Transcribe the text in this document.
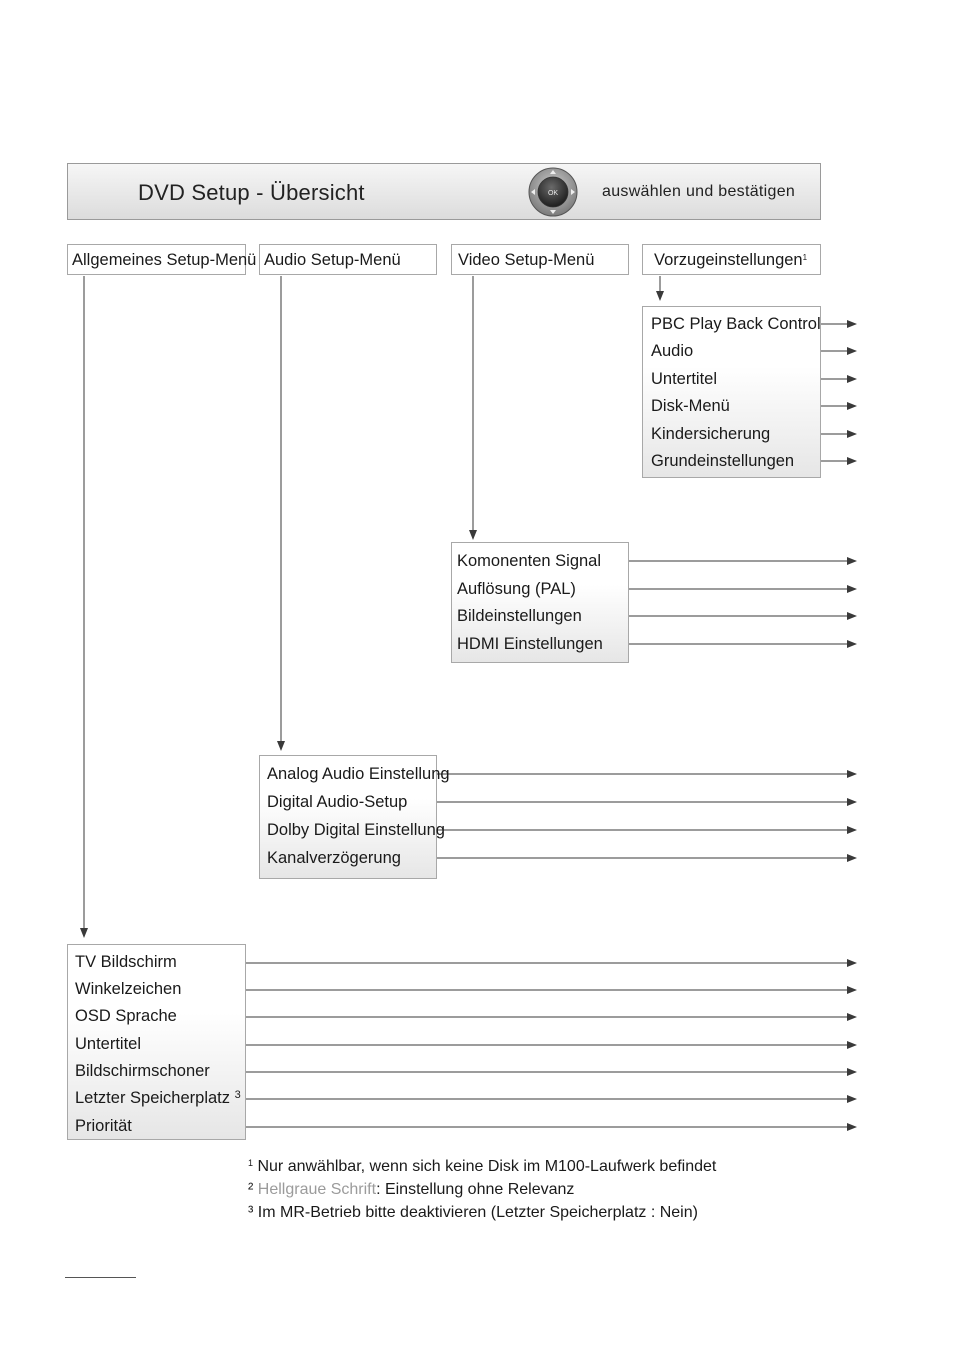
DVD Setup - Übersicht	OK	auswählen und bestätigen
Allgemeines Setup-Menü Audio Setup-Menü	Video Setup-Menü	Vorzugeinstellungen$^1$
PBC Play Back Control
Audio
Untertitel
Disk-Menü
Kindersicherung
Grundeinstellungen
Komonenten Signal
Auflösung (PAL)
Bildeinstellungen
HDMI Einstellungen
Analog Audio Einstellung
Digital Audio-Setup
Dolby Digital Einstellung
Kanalverzögerung
TV Bildschirm
Winkelzeichen
OSD Sprache
Untertitel
Bildschirmschoner
Letzter Speicherplatz $^3$
Priorität
$^1$ Nur anwählbar, wenn sich keine Disk im M100-Laufwerk befindet
² Hellgraue Schrift: Einstellung ohne Relevanz
³ Im MR-Betrieb bitte deaktivieren (Letzter Speicherplatz : Nein)
